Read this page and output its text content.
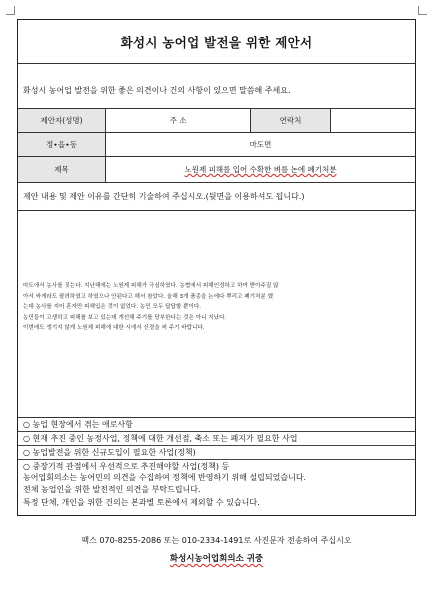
화성시 농어업 발전을 위한 제안서
화성시 농어업 발전을 위한 좋은 의견이나 건의 사항이 있으면 말씀해 주세요.
제안자(성명)	주 소	연락처
정∙읍∙동	마도면
제목	노원제 피해를 입어 수확한 벼를 논에 폐기처분
제안 내용 및 제안 이유를 간단히 기술하여 주십시오.(뒷면을 이용하셔도 됩니다.)

마도에서 농사를 짓는다. 지난해에는 노원제 피해가 극심하였다. 농협에서 피해인정하고 하여 받아주질 않

아서 싸게라도 팔려하였고 하였으나 안된다고 해서 참았다. 올해 3개 품종을 논에다 뿌리고 폐기처분 했

는데 농사를 지어 혼자만 피해입은 것이 없었다. 농민 모두 답답할 뿐이다.

농민들이 고생하고 피해를 보고 있는데 개선해 주기를 당부한다는 것은 아니 지났다.

이번에도 생기지 않게 노원제 피해에 대한 시에서 신경을 써 주기 바랍니다.

○ 농업 현장에서 겪는 애로사항
○ 현재 추진 중인 농정사업, 정책에 대한 개선점, 축소 또는 폐지가 필요한 사업
○ 농업발전을 위한 신규도입이 필요한 사업(정책)
○ 중장기적 관점에서 우선적으로 추진해야할 사업(정책) 등

농어업회의소는 농어민의 의견을 수집하여 정책에 반영하기 위해 설립되었습니다.

전체 농업인을 위한 발전적인 의견을 부탁드립니다.

특정 단체, 개인을 위한 건의는 본과별 토론에서 제외할 수 있습니다.

팩스 070-8255-2086 또는 010-2334-1491로 사진문자 전송하여 주십시오
화성시농어업회의소 귀중
